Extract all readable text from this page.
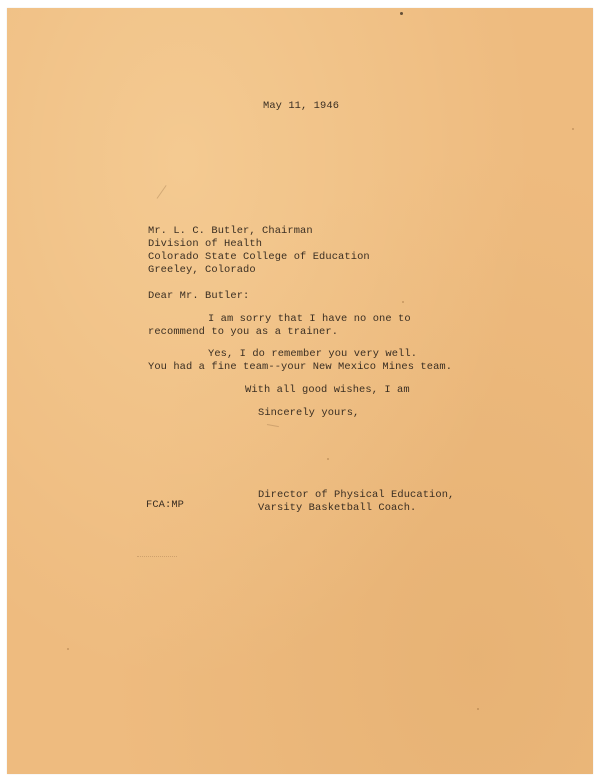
May 11, 1946
Mr. L. C. Butler, Chairman
Division of Health
Colorado State College of Education
Greeley, Colorado
Dear Mr. Butler:
I am sorry that I have no one to
recommend to you as a trainer.
Yes, I do remember you very well.
You had a fine team--your New Mexico Mines team.
With all good wishes, I am
Sincerely yours,
Director of Physical Education,
Varsity Basketball Coach.
FCA:MP
